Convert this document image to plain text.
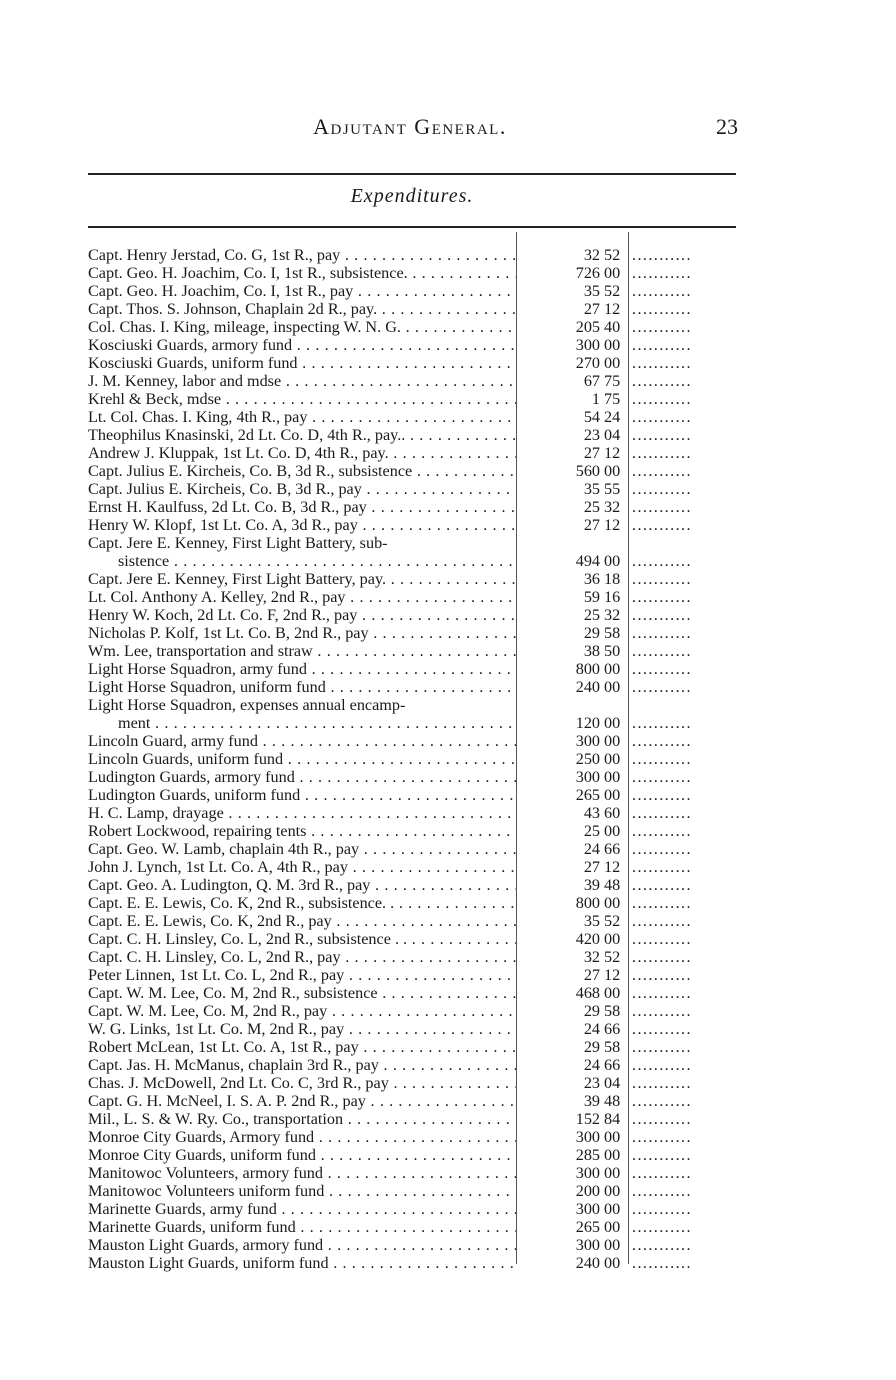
Adjutant General.	23
Expenditures.
Capt. Henry Jerstad, Co. G, 1st R., pay . . .	32 52 ...........
Capt. Geo. H. Joachim, Co. I, 1st R., subsistence. . . .	726 00 ...........
Capt. Geo. H. Joachim, Co. I, 1st R., pay . . .	35 52 ...........
Capt. Thos. S. Johnson, Chaplain 2d R., pay. . . .	27 12 ...........
Col. Chas. I. King, mileage, inspecting W. N. G. . . .	205 40 ...........
Kosciuski Guards, armory fund . . .	300 00 ...........
Kosciuski Guards, uniform fund . . .	270 00 ...........
J. M. Kenney, labor and mdse . . .	67 75 ...........
Krehl & Beck, mdse . . .	1 75 ...........
Lt. Col. Chas. I. King, 4th R., pay . . .	54 24 ...........
Theophilus Knasinski, 2d Lt. Co. D, 4th R., pay.. . . .	23 04 ...........
Andrew J. Kluppak, 1st Lt. Co. D, 4th R., pay. . . .	27 12 ...........
Capt. Julius E. Kircheis, Co. B, 3d R., subsistence . . .	560 00 ...........
Capt. Julius E. Kircheis, Co. B, 3d R., pay . . .	35 55 ...........
Ernst H. Kaulfuss, 2d Lt. Co. B, 3d R., pay . . .	25 32 ...........
Henry W. Klopf, 1st Lt. Co. A, 3d R., pay . . .	27 12 ...........
Capt. Jere E. Kenney, First Light Battery, sub-
sistence . . .	494 00 ...........
Capt. Jere E. Kenney, First Light Battery, pay. . . .	36 18 ...........
Lt. Col. Anthony A. Kelley, 2nd R., pay . . .	59 16 ...........
Henry W. Koch, 2d Lt. Co. F, 2nd R., pay . . .	25 32 ...........
Nicholas P. Kolf, 1st Lt. Co. B, 2nd R., pay . . .	29 58 ...........
Wm. Lee, transportation and straw . . .	38 50 ...........
Light Horse Squadron, army fund . . .	800 00 ...........
Light Horse Squadron, uniform fund . . .	240 00 ...........
Light Horse Squadron, expenses annual encamp-
ment . . .	120 00 ...........
Lincoln Guard, army fund . . .	300 00 ...........
Lincoln Guards, uniform fund . . .	250 00 ...........
Ludington Guards, armory fund . . .	300 00 ...........
Ludington Guards, uniform fund . . .	265 00 ...........
H. C. Lamp, drayage . . .	43 60 ...........
Robert Lockwood, repairing tents . . .	25 00 ...........
Capt. Geo. W. Lamb, chaplain 4th R., pay . . .	24 66 ...........
John J. Lynch, 1st Lt. Co. A, 4th R., pay . . .	27 12 ...........
Capt. Geo. A. Ludington, Q. M. 3rd R., pay . . .	39 48 ...........
Capt. E. E. Lewis, Co. K, 2nd R., subsistence. . . . .	800 00 ...........
Capt. E. E. Lewis, Co. K, 2nd R., pay . . .	35 52 ...........
Capt. C. H. Linsley, Co. L, 2nd R., subsistence . . . . .	420 00 ...........
Capt. C. H. Linsley, Co. L, 2nd R., pay . . .	32 52 ...........
Peter Linnen, 1st Lt. Co. L, 2nd R., pay . . .	27 12 ...........
Capt. W. M. Lee, Co. M, 2nd R., subsistence . . .	468 00 ...........
Capt. W. M. Lee, Co. M, 2nd R., pay . . .	29 58 ...........
W. G. Links, 1st Lt. Co. M, 2nd R., pay . . .	24 66 ...........
Robert McLean, 1st Lt. Co. A, 1st R., pay . . .	29 58 ...........
Capt. Jas. H. McManus, chaplain 3rd R., pay . . .	24 66 ...........
Chas. J. McDowell, 2nd Lt. Co. C, 3rd R., pay . . .	23 04 ...........
Capt. G. H. McNeel, I. S. A. P. 2nd R., pay . . .	39 48 ...........
Mil., L. S. & W. Ry. Co., transportation . . .	152 84 ...........
Monroe City Guards, Armory fund . . .	300 00 ...........
Monroe City Guards, uniform fund . . .	285 00 ...........
Manitowoc Volunteers, armory fund . . .	300 00 ...........
Manitowoc Volunteers uniform fund . . .	200 00 ...........
Marinette Guards, army fund . . .	300 00 ...........
Marinette Guards, uniform fund . . .	265 00 ...........
Mauston Light Guards, armory fund . . .	300 00 ...........
Mauston Light Guards, uniform fund . . .	240 00 ...........
